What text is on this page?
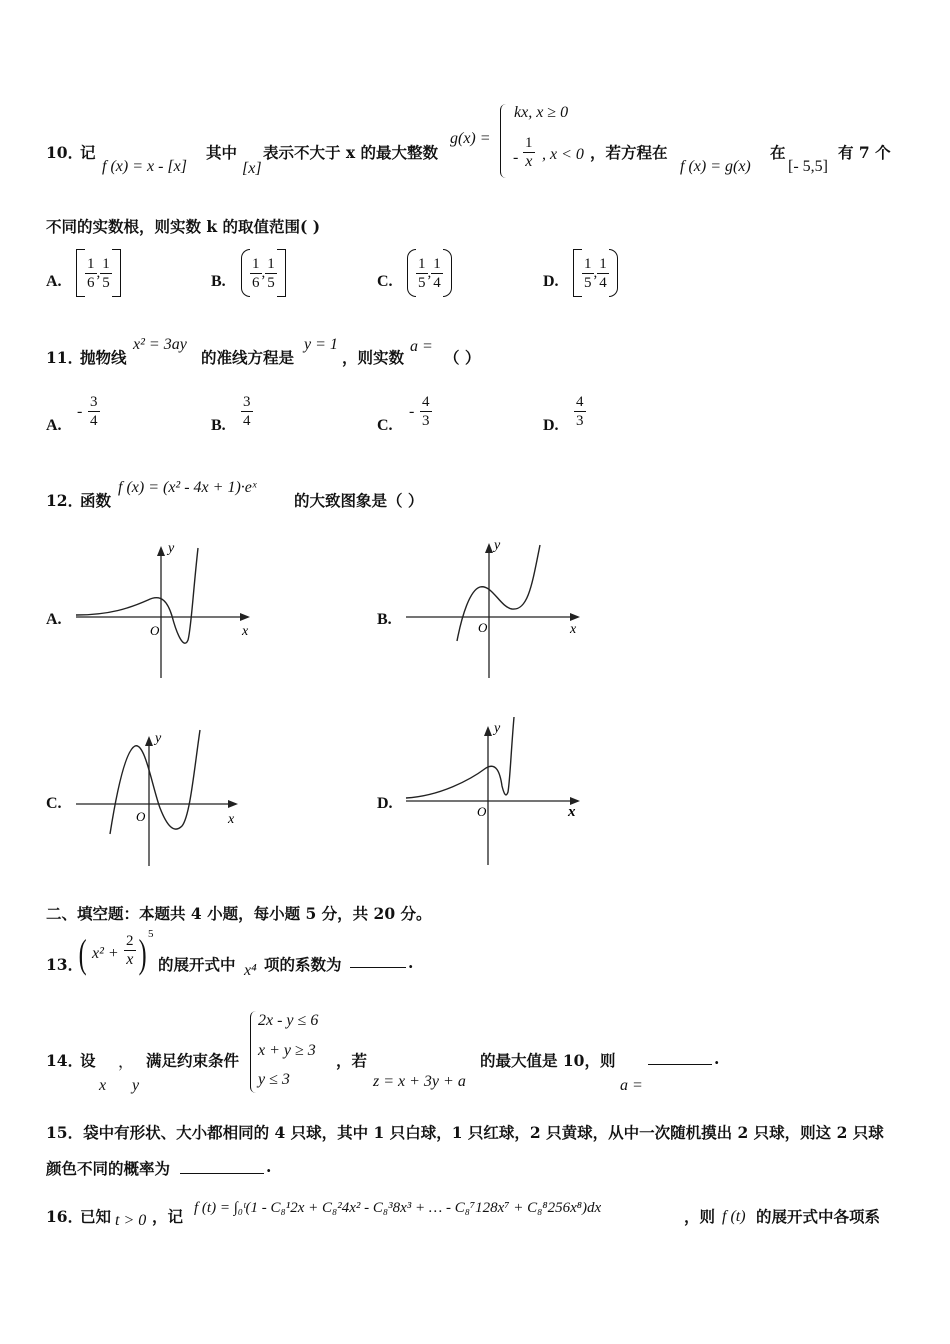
10．
记
f (x) = x - [x]
其中
[x]
表示不大于 x 的最大整数
g(x) =
kx, x ≥ 0
- $\frac{1}{x}$ , x < 0 ，若方程在
f (x) = g(x)
在
[- 5,5]
有 7 个
不同的实数根，则实数 k 的取值范围( )
A. $\frac{1}{6}$ , $\frac{1}{5}$	B. $\frac{1}{6}$ , $\frac{1}{5}$	C. $\frac{1}{5}$ , $\frac{1}{4}$	D. $\frac{1}{5}$ , $\frac{1}{4}$
11．
抛物线
x² = 3ay
的准线方程是
y = 1
，则实数
a =
（ ）
A.
- $\frac{3}{4}$	B. $\frac{3}{4}$	C.
- $\frac{4}{3}$	D. $\frac{4}{3}$
12．
函数
f (x) = (x² - 4x + 1)·eˣ
的大致图象是（ ）
A.
y
x
O
B.
y
x
O
C.
y
x
O
D.
y
x
O
二、填空题：本题共 4 小题，每小题 5 分，共 20 分。
13．
( $x^2 + \frac{2}{x}$ ) 5
的展开式中 x⁴ 项的系数为	.
14．
设
x
，
y
满足约束条件
2x - y ≤ 6
x + y ≥ 3
y ≤ 3
，若
z = x + 3y + a
的最大值是 10，则
a =
.
15．袋中有形状、大小都相同的 4 只球，其中 1 只白球，1 只红球，2 只黄球，从中一次随机摸出 2 只球，则这 2 只球
颜色不同的概率为	.
16．
已知 t > 0 ，记 f (t) = ∫₀ᵗ(1 - C₈¹2x + C₈²4x² - C₈³8x³ + … - C₈⁷128x⁷ + C₈⁸256x⁸)dx	，则 f (t) 的展开式中各项系
